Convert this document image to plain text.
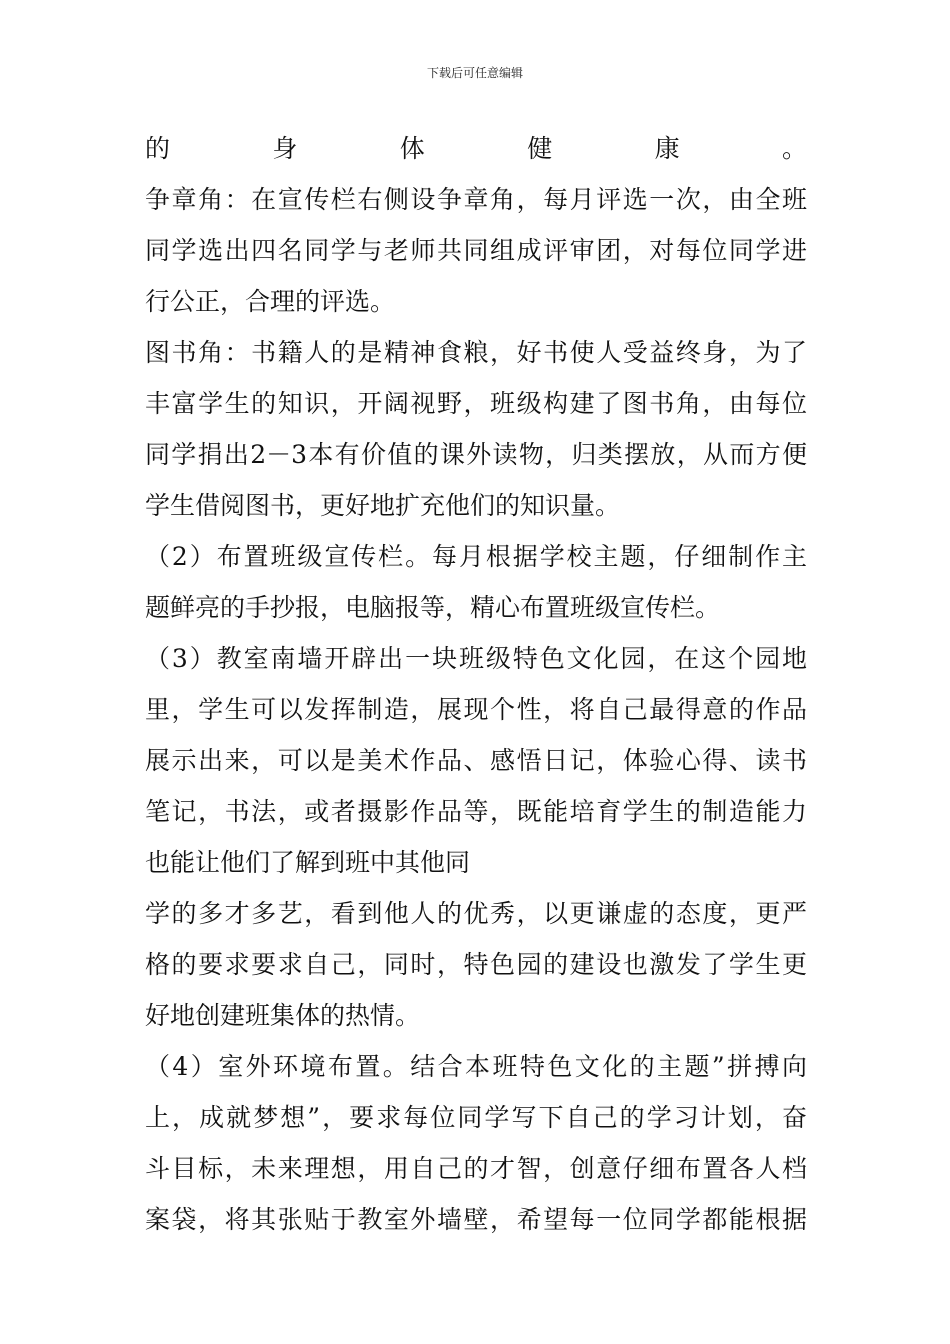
下载后可任意编辑
的身体健康。
争章角：在宣传栏右侧设争章角，每月评选一次，由全班
同学选出四名同学与老师共同组成评审团，对每位同学进
行公正，合理的评选。
图书角：书籍人的是精神食粮，好书使人受益终身，为了
丰富学生的知识，开阔视野，班级构建了图书角，由每位
同学捐出2－3本有价值的课外读物，归类摆放，从而方便
学生借阅图书，更好地扩充他们的知识量。
（2）布置班级宣传栏。每月根据学校主题，仔细制作主
题鲜亮的手抄报，电脑报等，精心布置班级宣传栏。
（3）教室南墙开辟出一块班级特色文化园，在这个园地
里，学生可以发挥制造，展现个性，将自己最得意的作品
展示出来，可以是美术作品、感悟日记，体验心得、读书
笔记，书法，或者摄影作品等，既能培育学生的制造能力
也能让他们了解到班中其他同
学的多才多艺，看到他人的优秀，以更谦虚的态度，更严
格的要求要求自己，同时，特色园的建设也激发了学生更
好地创建班集体的热情。
（4）室外环境布置。结合本班特色文化的主题”拼搏向
上，成就梦想”，要求每位同学写下自己的学习计划，奋
斗目标，未来理想，用自己的才智，创意仔细布置各人档
案袋，将其张贴于教室外墙壁，希望每一位同学都能根据
